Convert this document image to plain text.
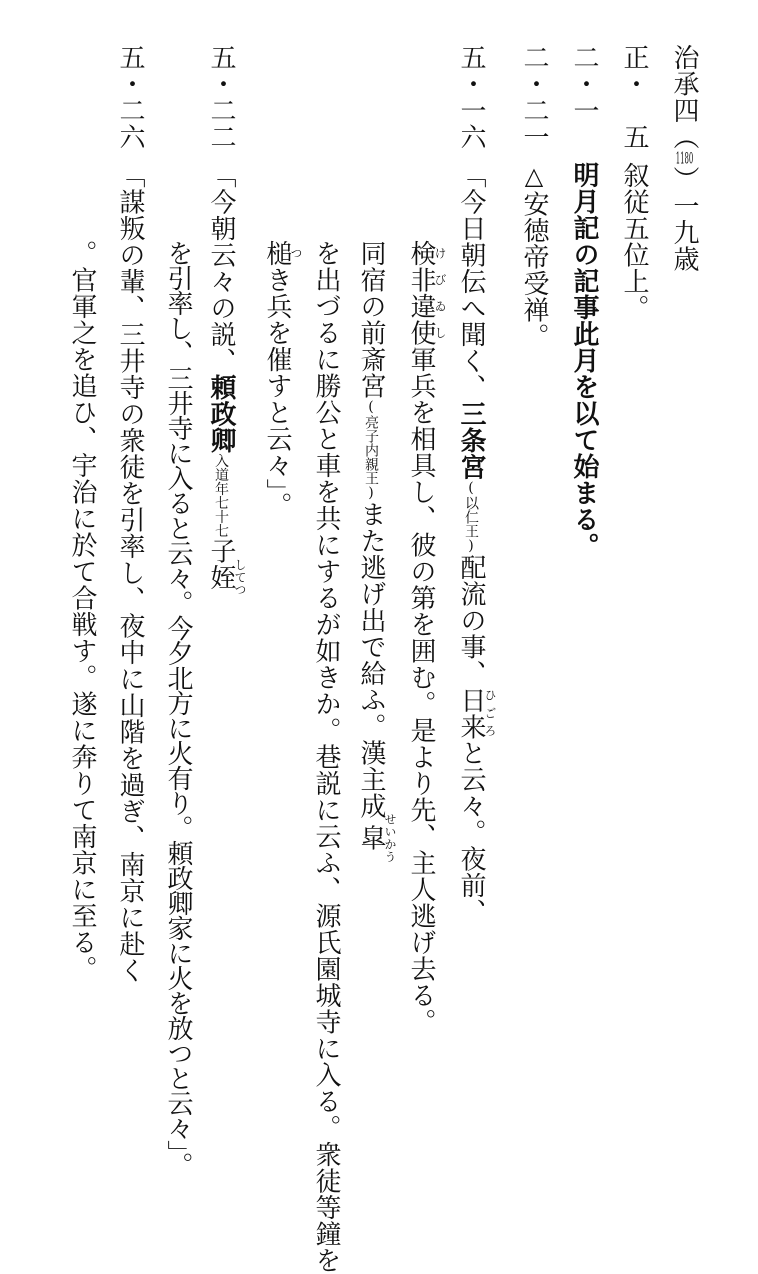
治承四（1180）一九歳
正・　五叙従五位上。
二・一明月記の記事此月を以て始まる。
二・二一△安徳帝受禅。
五・一六「今日朝伝へ聞く、三条宮(以仁王)配流の事、日来ひごろと云々。夜前、
検非違使けびゐし軍兵を相具し、彼の第を囲む。是より先、主人逃げ去る。
同宿の前斎宮(亮子内親王)また逃げ出で給ふ。漢主成皐せいかう
を出づるに勝公と車を共にするが如きか。巷説に云ふ、源氏園城寺に入る。衆徒等鐘を
槌つき兵を催すと云々」。
五・二二「今朝云々の説、頼政卿入道年七十七子姪してつ
を引率し、三井寺に入ると云々。今夕北方に火有り。頼政卿家に火を放つと云々」。
五・二六「謀叛の輩、三井寺の衆徒を引率し、夜中に山階を過ぎ、南京に赴く
。官軍之を追ひ、宇治に於て合戦す。遂に奔りて南京に至る。
